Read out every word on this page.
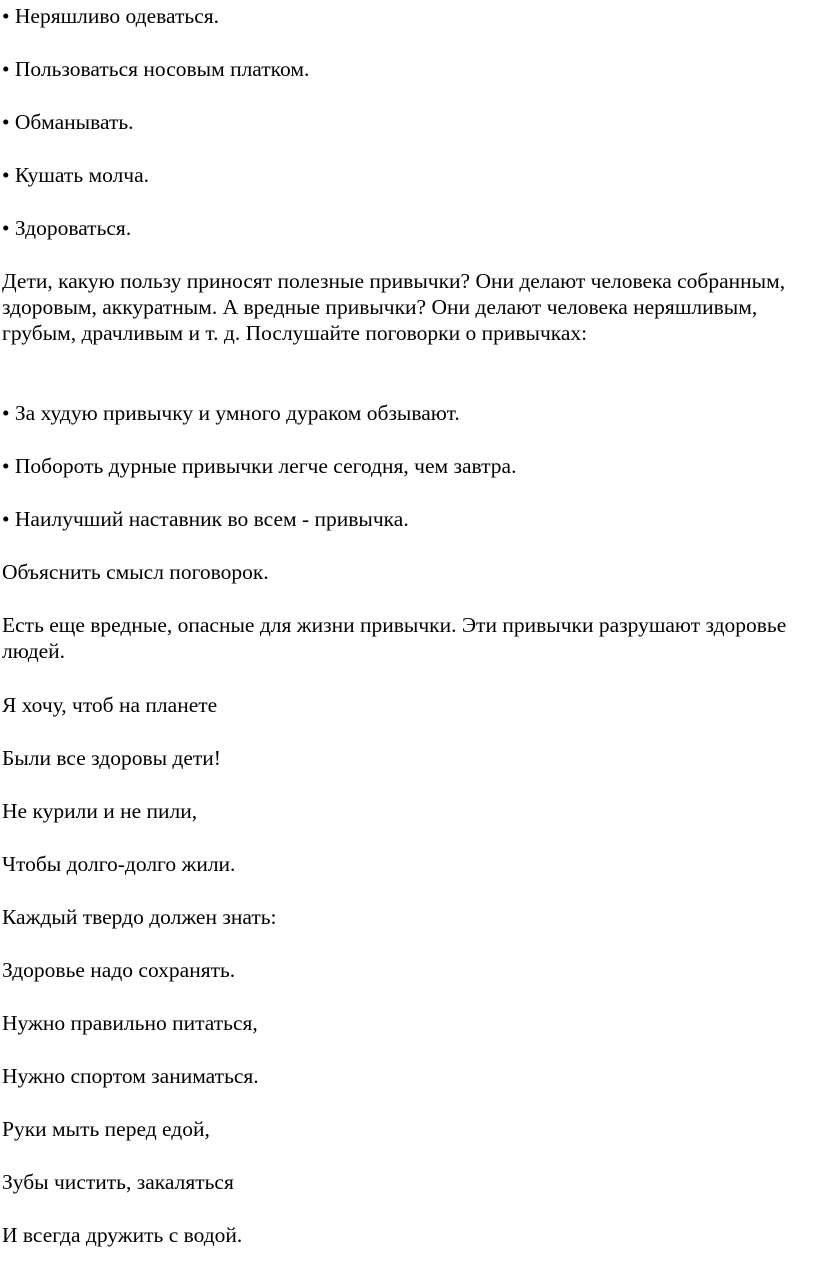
• Неряшливо одеваться.

• Пользоваться носовым платком.

• Обманывать.

• Кушать молча.

• Здороваться.

Дети, какую пользу приносят полезные привычки? Они делают человека собранным, здоровым, аккуратным. А вредные привычки? Они делают человека неряшливым, грубым, драчливым и т. д. Послушайте поговорки о привычках:

• За худую привычку и умного дураком обзывают.

• Побороть дурные привычки легче сегодня, чем завтра.

• Наилучший наставник во всем - привычка.

Объяснить смысл поговорок.

Есть еще вредные, опасные для жизни привычки. Эти привычки разрушают здоровье людей.

Я хочу, чтоб на планете

Были все здоровы дети!

Не курили и не пили,

Чтобы долго-долго жили.

Каждый твердо должен знать:

Здоровье надо сохранять.

Нужно правильно питаться,

Нужно спортом заниматься.

Руки мыть перед едой,

Зубы чистить, закаляться

И всегда дружить с водой.
